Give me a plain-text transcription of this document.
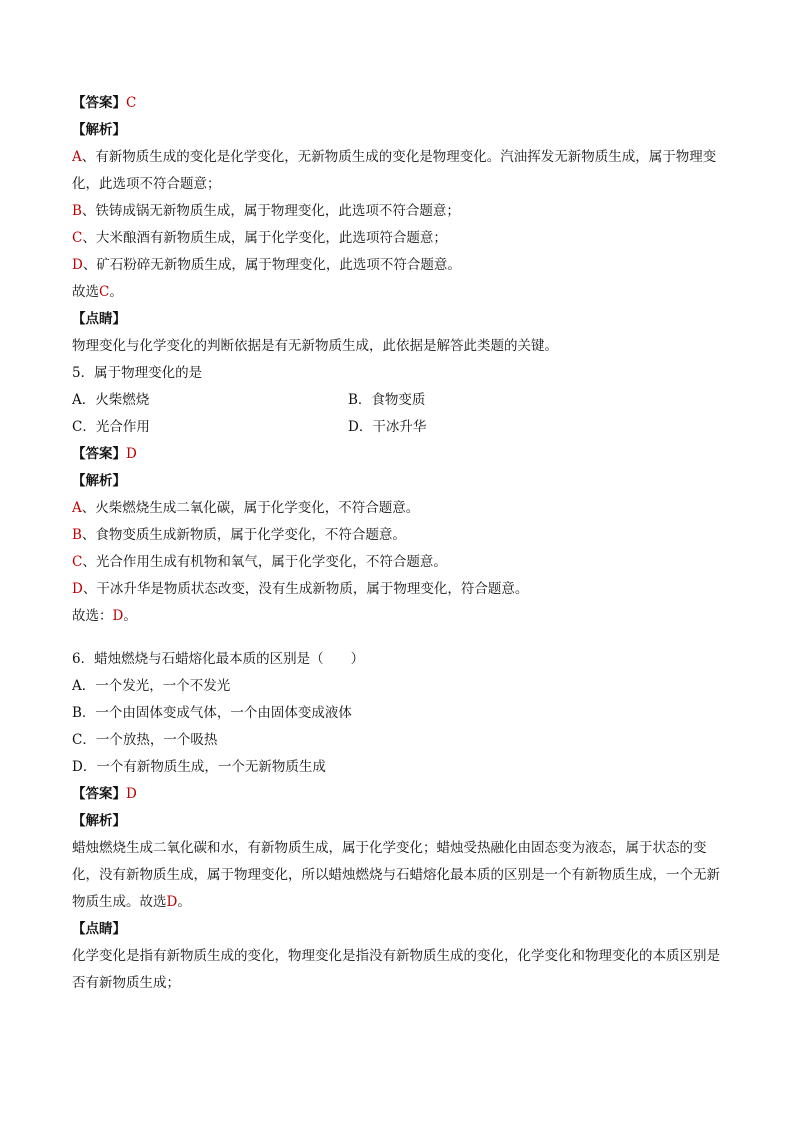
【答案】C
【解析】
A、有新物质生成的变化是化学变化，无新物质生成的变化是物理变化。汽油挥发无新物质生成，属于物理变化，此选项不符合题意；
B、铁铸成锅无新物质生成，属于物理变化，此选项不符合题意；
C、大米酿酒有新物质生成，属于化学变化，此选项符合题意；
D、矿石粉碎无新物质生成，属于物理变化，此选项不符合题意。
故选C。
【点睛】
物理变化与化学变化的判断依据是有无新物质生成，此依据是解答此类题的关键。
5．属于物理变化的是
A．火柴燃烧	B．食物变质
C．光合作用	D．干冰升华
【答案】D
【解析】
A、火柴燃烧生成二氧化碳，属于化学变化，不符合题意。
B、食物变质生成新物质，属于化学变化，不符合题意。
C、光合作用生成有机物和氧气，属于化学变化，不符合题意。
D、干冰升华是物质状态改变，没有生成新物质，属于物理变化，符合题意。
故选：D。
6．蜡烛燃烧与石蜡熔化最本质的区别是（　　）
A．一个发光，一个不发光
B．一个由固体变成气体，一个由固体变成液体
C．一个放热，一个吸热
D．一个有新物质生成，一个无新物质生成
【答案】D
【解析】
蜡烛燃烧生成二氧化碳和水，有新物质生成，属于化学变化；蜡烛受热融化由固态变为液态，属于状态的变化，没有新物质生成，属于物理变化，所以蜡烛燃烧与石蜡熔化最本质的区别是一个有新物质生成，一个无新物质生成。故选D。
【点睛】
化学变化是指有新物质生成的变化，物理变化是指没有新物质生成的变化，化学变化和物理变化的本质区别是否有新物质生成；
